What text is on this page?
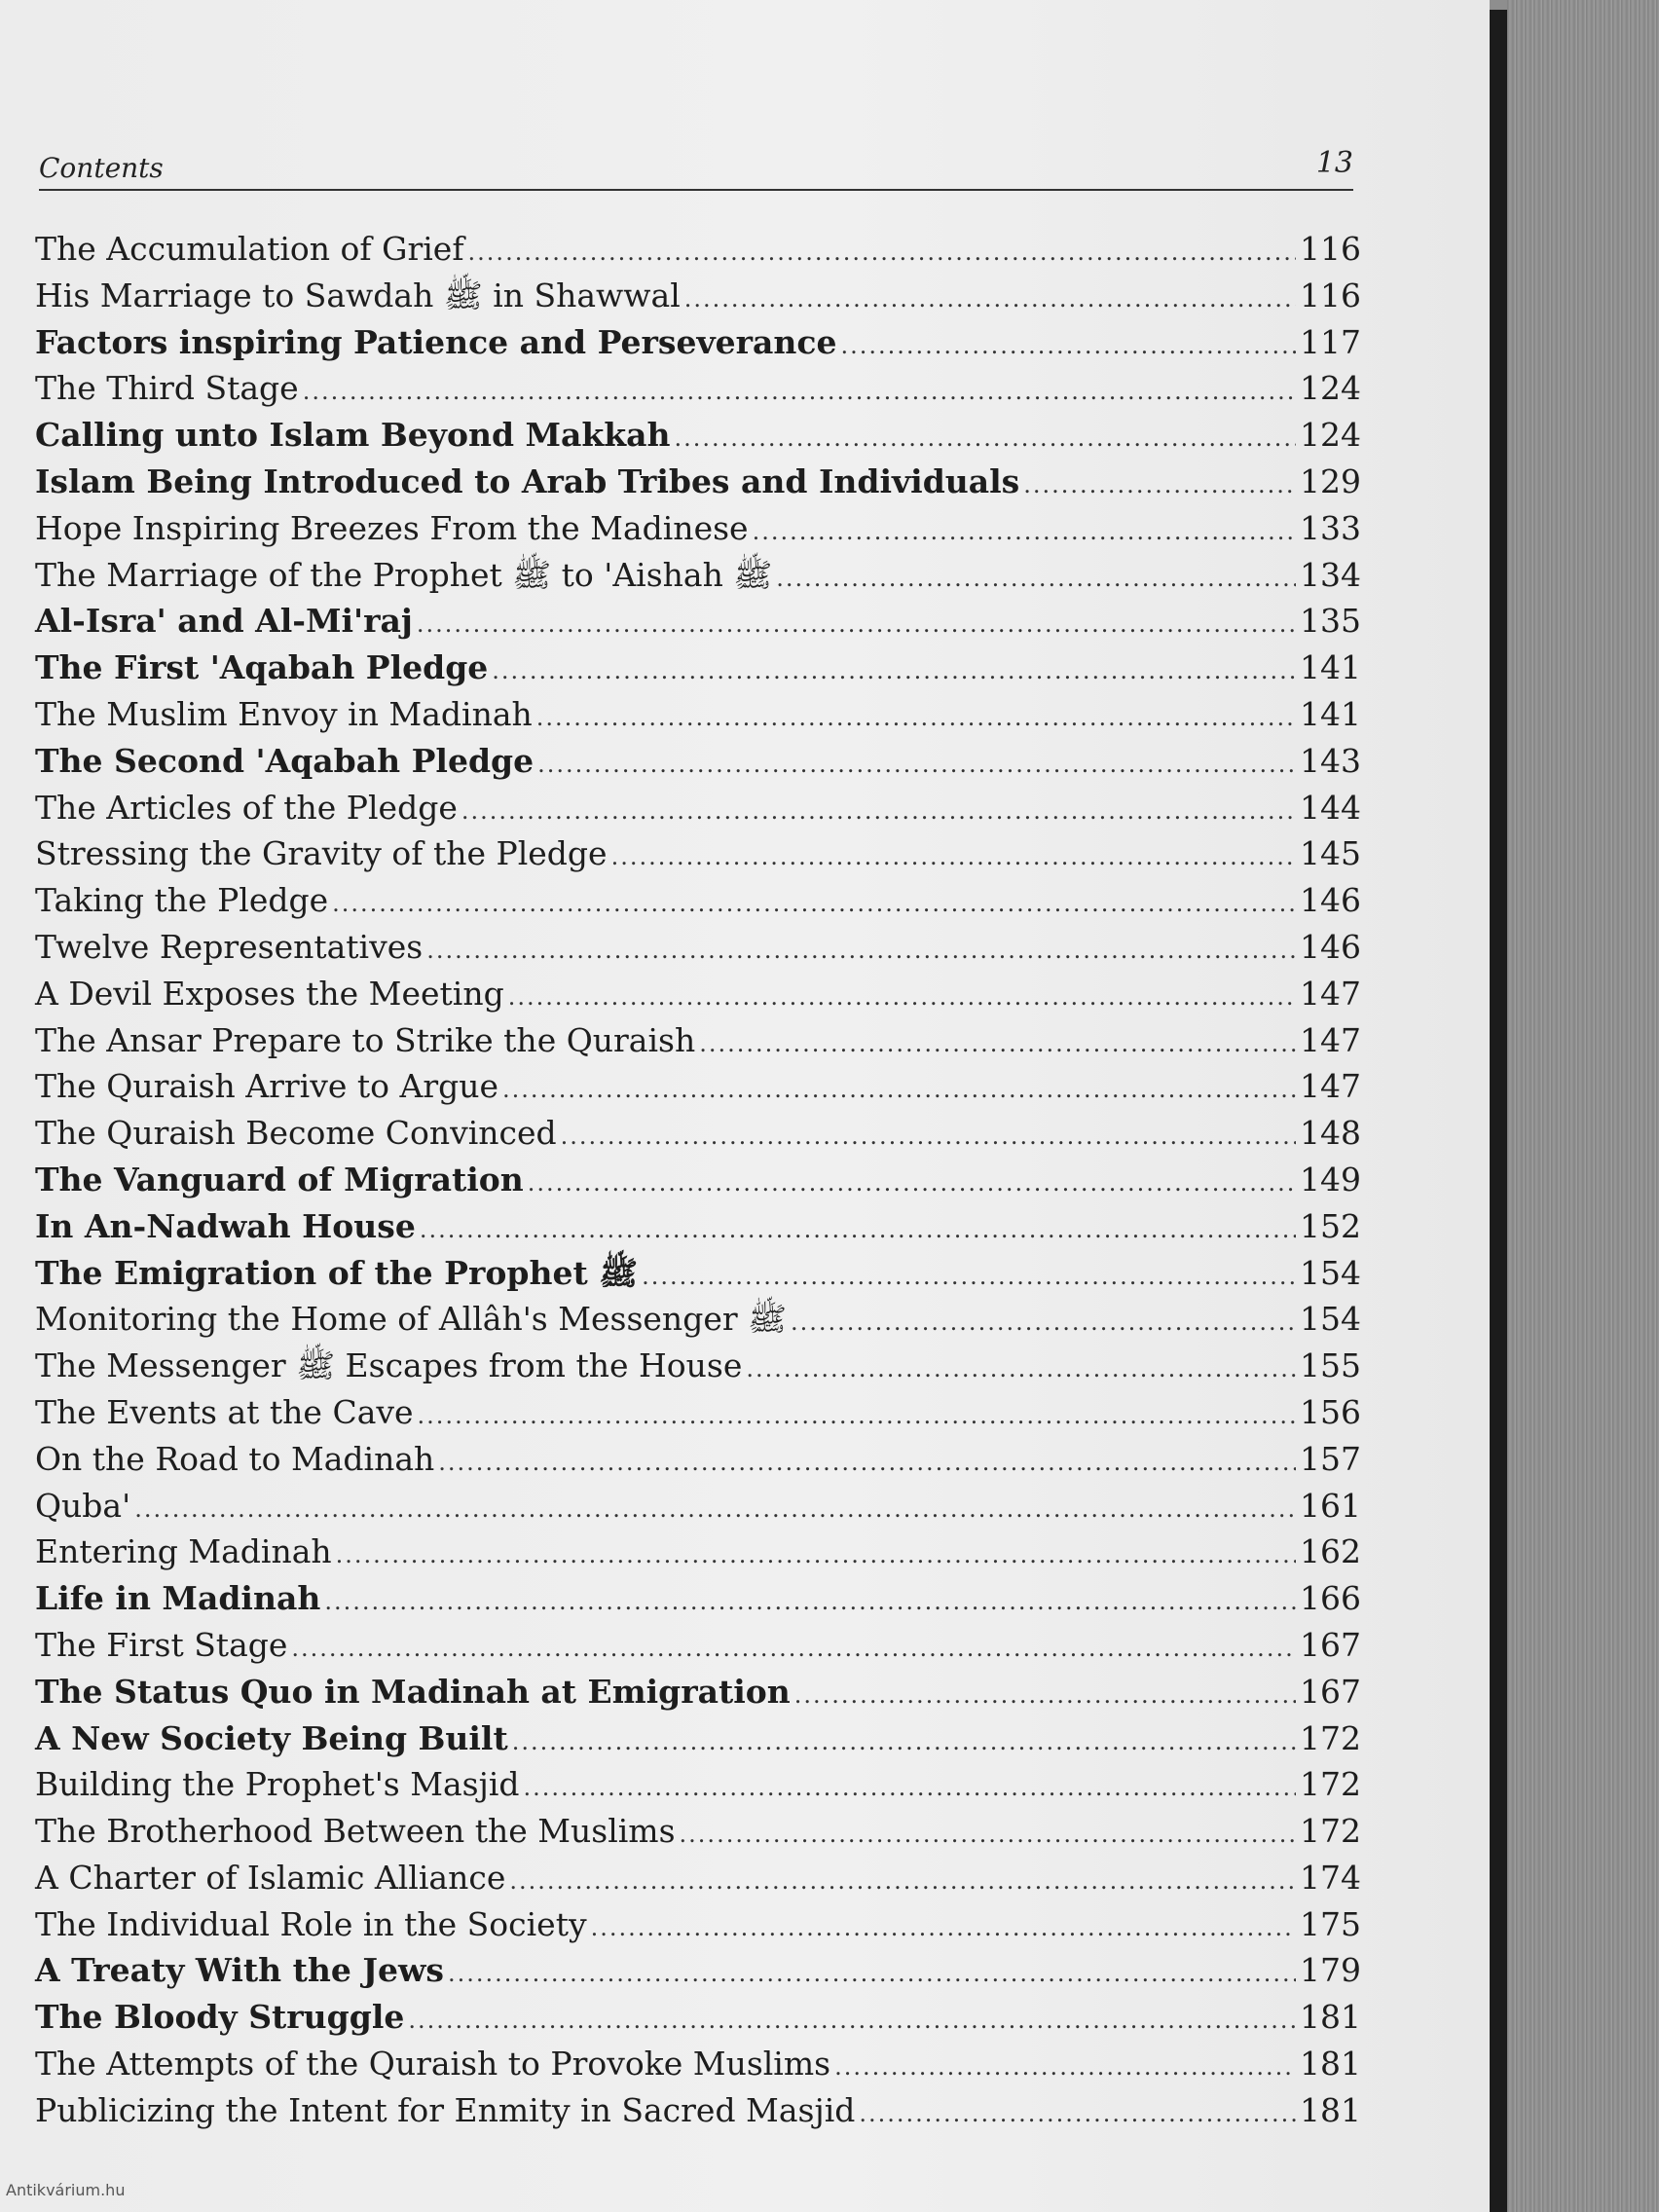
Contents	13
The Accumulation of Grief .....	116
His Marriage to Sawdah ﷺ in Shawwal .....	116
Factors inspiring Patience and Perseverance .....	117
The Third Stage .....	124
Calling unto Islam Beyond Makkah .....	124
Islam Being Introduced to Arab Tribes and Individuals .....	129
Hope Inspiring Breezes From the Madinese .....	133
The Marriage of the Prophet ﷺ to 'Aishah ﷺ .....	134
Al-Isra' and Al-Mi'raj .....	135
The First 'Aqabah Pledge .....	141
The Muslim Envoy in Madinah .....	141
The Second 'Aqabah Pledge .....	143
The Articles of the Pledge .....	144
Stressing the Gravity of the Pledge .....	145
Taking the Pledge .....	146
Twelve Representatives .....	146
A Devil Exposes the Meeting .....	147
The Ansar Prepare to Strike the Quraish .....	147
The Quraish Arrive to Argue .....	147
The Quraish Become Convinced .....	148
The Vanguard of Migration .....	149
In An-Nadwah House .....	152
The Emigration of the Prophet ﷺ .....	154
Monitoring the Home of Allâh's Messenger ﷺ .....	154
The Messenger ﷺ Escapes from the House .....	155
The Events at the Cave .....	156
On the Road to Madinah .....	157
Quba' .....	161
Entering Madinah .....	162
Life in Madinah .....	166
The First Stage .....	167
The Status Quo in Madinah at Emigration .....	167
A New Society Being Built .....	172
Building the Prophet's Masjid .....	172
The Brotherhood Between the Muslims .....	172
A Charter of Islamic Alliance .....	174
The Individual Role in the Society .....	175
A Treaty With the Jews .....	179
The Bloody Struggle .....	181
The Attempts of the Quraish to Provoke Muslims .....	181
Publicizing the Intent for Enmity in Sacred Masjid .....	181
Antikvárium.hu
